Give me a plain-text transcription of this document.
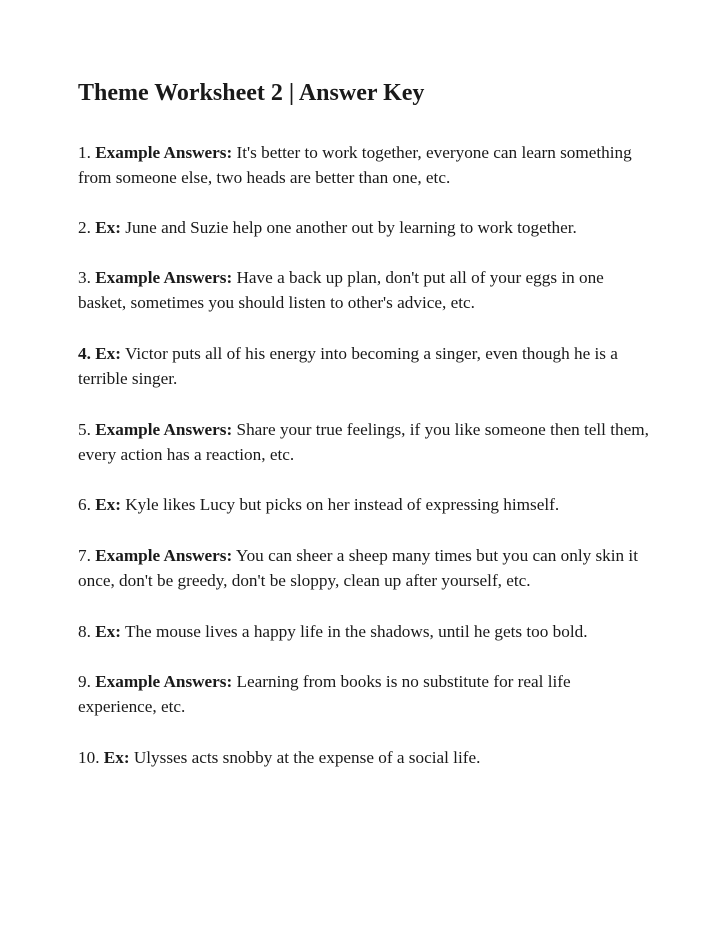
Theme Worksheet 2 | Answer Key
1. Example Answers: It's better to work together, everyone can learn something from someone else, two heads are better than one, etc.
2. Ex: June and Suzie help one another out by learning to work together.
3. Example Answers: Have a back up plan, don't put all of your eggs in one basket, sometimes you should listen to other's advice, etc.
4. Ex: Victor puts all of his energy into becoming a singer, even though he is a terrible singer.
5. Example Answers: Share your true feelings, if you like someone then tell them, every action has a reaction, etc.
6. Ex: Kyle likes Lucy but picks on her instead of expressing himself.
7. Example Answers: You can sheer a sheep many times but you can only skin it once, don't be greedy, don't be sloppy, clean up after yourself, etc.
8. Ex: The mouse lives a happy life in the shadows, until he gets too bold.
9. Example Answers: Learning from books is no substitute for real life experience, etc.
10. Ex: Ulysses acts snobby at the expense of a social life.
